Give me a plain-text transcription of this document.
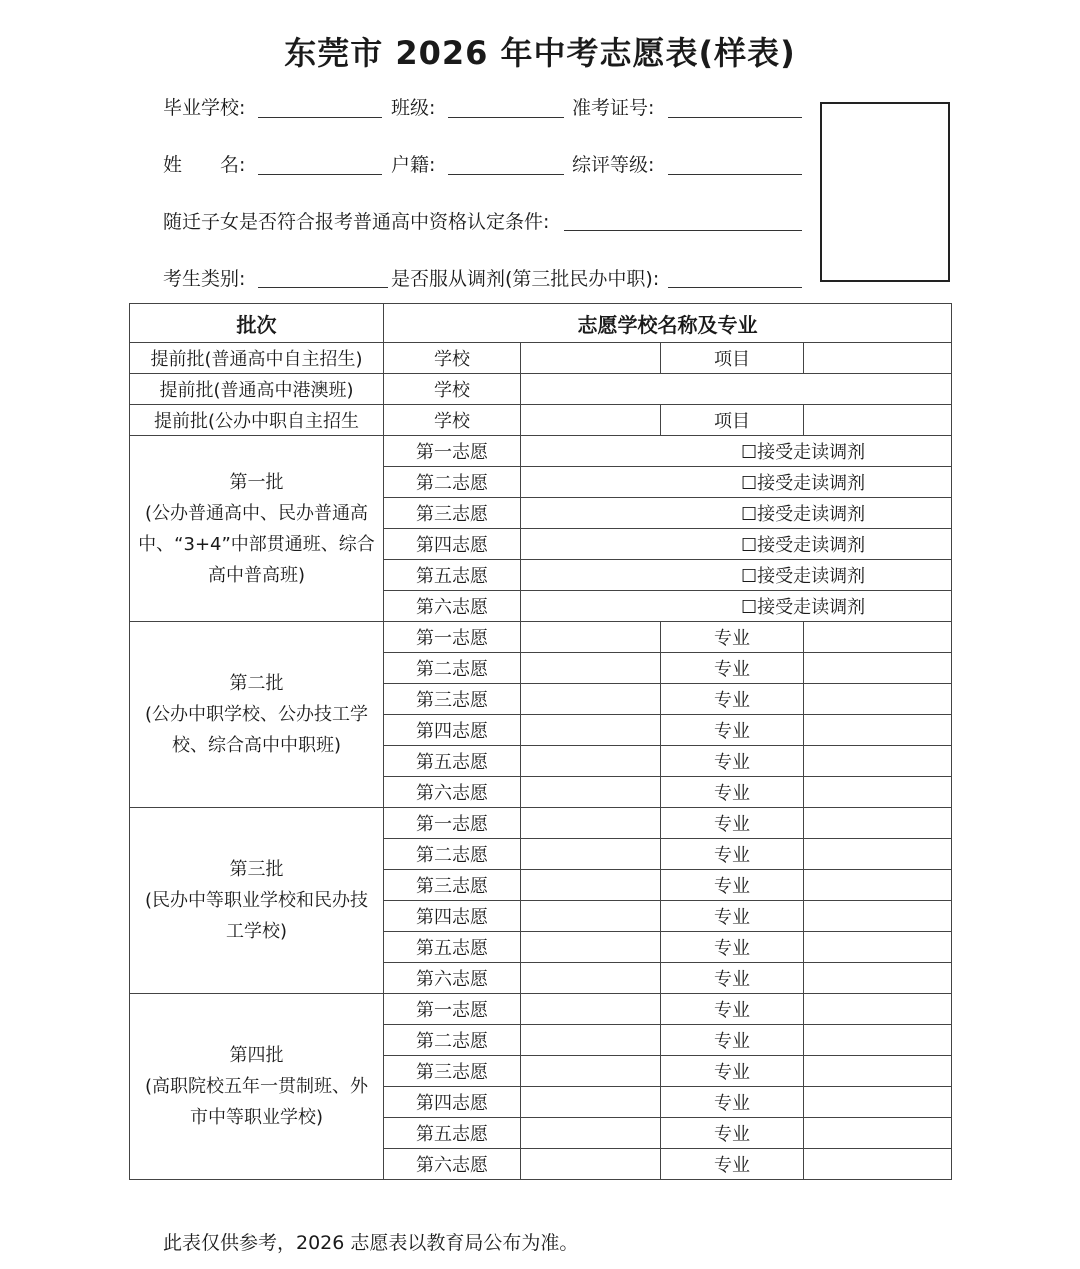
东莞市 2026 年中考志愿表(样表)
毕业学校:	班级:	准考证号:
姓　　名:	户籍:	综评等级:
随迁子女是否符合报考普通高中资格认定条件:
考生类别:	是否服从调剂(第三批民办中职):
批次	志愿学校名称及专业			
提前批(普通高中自主招生)	学校		项目	
提前批(普通高中港澳班)	学校			
提前批(公办中职自主招生	学校		项目	

第一批
(公办普通高中、民办普通高中、“3+4”中部贯通班、综合高中普高班)	第一志愿	☐接受走读调剂		
	第二志愿	☐接受走读调剂		
	第三志愿	☐接受走读调剂		
	第四志愿	☐接受走读调剂		
	第五志愿	☐接受走读调剂		
	第六志愿	☐接受走读调剂		

第二批
(公办中职学校、公办技工学校、综合高中中职班)	第一志愿		专业	
	第二志愿		专业	
	第三志愿		专业	
	第四志愿		专业	
	第五志愿		专业	
	第六志愿		专业	

第三批
(民办中等职业学校和民办技工学校)	第一志愿		专业	
	第二志愿		专业	
	第三志愿		专业	
	第四志愿		专业	
	第五志愿		专业	
	第六志愿		专业	

第四批
(高职院校五年一贯制班、外市中等职业学校)	第一志愿		专业	
	第二志愿		专业	
	第三志愿		专业	
	第四志愿		专业	
	第五志愿		专业	
	第六志愿		专业	
此表仅供参考，2026 志愿表以教育局公布为准。
